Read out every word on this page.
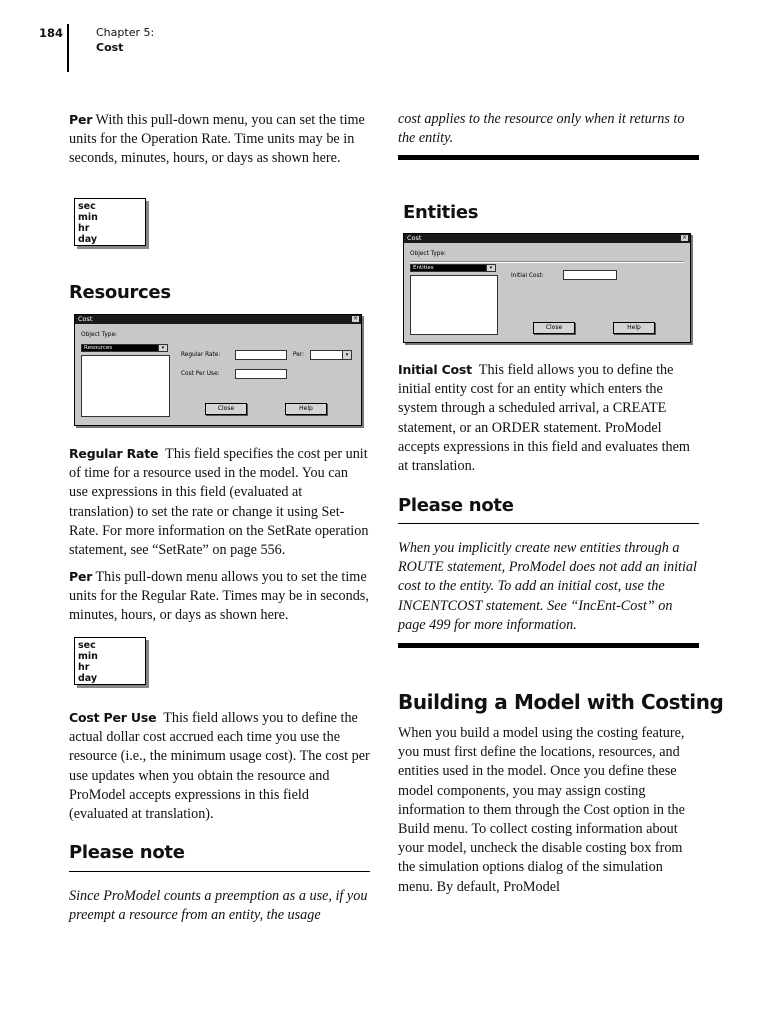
184	Chapter 5:
Cost

Per With this pull-down menu, you can set the time units for the Operation Rate. Time units may be in seconds, minutes, hours, or days as shown here.

sec
min
hr
day
Resources
Cost	×
Object Type:
Resources	▾
Regular Rate:	Per:	▾
Cost Per Use:
Close	Help

Regular Rate This field specifies the cost per unit of time for a resource used in the model. You can use expressions in this field (evaluated at translation) to set the rate or change it using Set-Rate. For more information on the SetRate operation statement, see “SetRate” on page 556.

Per This pull-down menu allows you to set the time units for the Regular Rate. Times may be in seconds, minutes, hours, or days as shown here.

sec
min
hr
day

Cost Per Use This field allows you to define the actual dollar cost accrued each time you use the resource (i.e., the minimum usage cost). The cost per use updates when you obtain the resource and ProModel accepts expressions in this field (evaluated at translation).

Please note

Since ProModel counts a preemption as a use, if you preempt a resource from an entity, the usage

cost applies to the resource only when it returns to the entity.

Entities
Cost	×
Object Type:
Entities	▾
Initial Cost:
Close	Help

Initial Cost This field allows you to define the initial entity cost for an entity which enters the system through a scheduled arrival, a CREATE statement, or an ORDER statement. ProModel accepts expressions in this field and evaluates them at translation.

Please note

When you implicitly create new entities through a ROUTE statement, ProModel does not add an initial cost to the entity. To add an initial cost, use the INCENTCOST statement. See “IncEnt-Cost” on page 499 for more information.

Building a Model with Costing

When you build a model using the costing feature, you must first define the locations, resources, and entities used in the model. Once you define these model components, you may assign costing information to them through the Cost option in the Build menu. To collect costing information about your model, uncheck the disable costing box from the simulation options dialog of the simulation menu. By default, ProModel
